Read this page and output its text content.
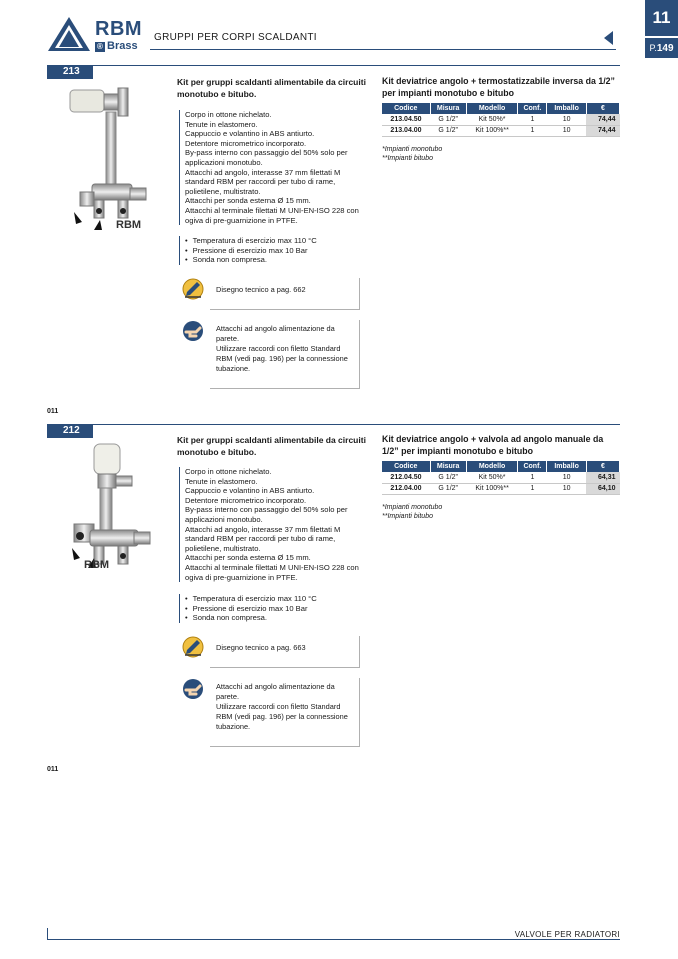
RBM
® Brass
GRUPPI PER CORPI SCALDANTI
11
P.149
213
RBM
Kit per gruppi scaldanti alimentabile da circuiti monotubo e bitubo.
Corpo in ottone nichelato.
Tenute in elastomero.
Cappuccio e volantino in ABS antiurto.
Detentore micrometrico incorporato.
By-pass interno con passaggio del 50% solo per applicazioni monotubo.
Attacchi ad angolo, interasse 37 mm filettati M standard RBM per raccordi per tubo di rame, polietilene, multistrato.
Attacchi per sonda esterna Ø 15 mm.
Attacchi al terminale filettati M UNI-EN-ISO 228 con ogiva di pre-guarnizione in PTFE.
• Temperatura di esercizio max 110 °C
• Pressione di esercizio max 10 Bar
• Sonda non compresa.
Disegno tecnico a pag. 662
Attacchi ad angolo alimentazione da parete.
Utilizzare raccordi con filetto Standard RBM (vedi pag. 196) per la connessione tubazione.
Kit deviatrice angolo + termostatizzabile inversa da 1/2” per impianti monotubo e bitubo
Codice	Misura	Modello	Conf.	Imballo	€
213.04.50	G 1/2”	Kit 50%*	1	10	74,44
213.04.00	G 1/2”	Kit 100%**	1	10	74,44
*Impianti monotubo
**Impianti bitubo
011
212
RBM
Kit per gruppi scaldanti alimentabile da circuiti monotubo e bitubo.
Corpo in ottone nichelato.
Tenute in elastomero.
Cappuccio e volantino in ABS antiurto.
Detentore micrometrico incorporato.
By-pass interno con passaggio del 50% solo per applicazioni monotubo.
Attacchi ad angolo, interasse 37 mm filettati M standard RBM per raccordi per tubo di rame, polietilene, multistrato.
Attacchi per sonda esterna Ø 15 mm.
Attacchi al terminale filettati M UNI-EN-ISO 228 con ogiva di pre-guarnizione in PTFE.
• Temperatura di esercizio max 110 °C
• Pressione di esercizio max 10 Bar
• Sonda non compresa.
Disegno tecnico a pag. 663
Attacchi ad angolo alimentazione da parete.
Utilizzare raccordi con filetto Standard RBM (vedi pag. 196) per la connessione tubazione.
Kit deviatrice angolo + valvola ad angolo manuale da 1/2” per impianti monotubo e bitubo
Codice	Misura	Modello	Conf.	Imballo	€
212.04.50	G 1/2”	Kit 50%*	1	10	64,31
212.04.00	G 1/2”	Kit 100%**	1	10	64,10
*Impianti monotubo
**Impianti bitubo
011
VALVOLE PER RADIATORI
